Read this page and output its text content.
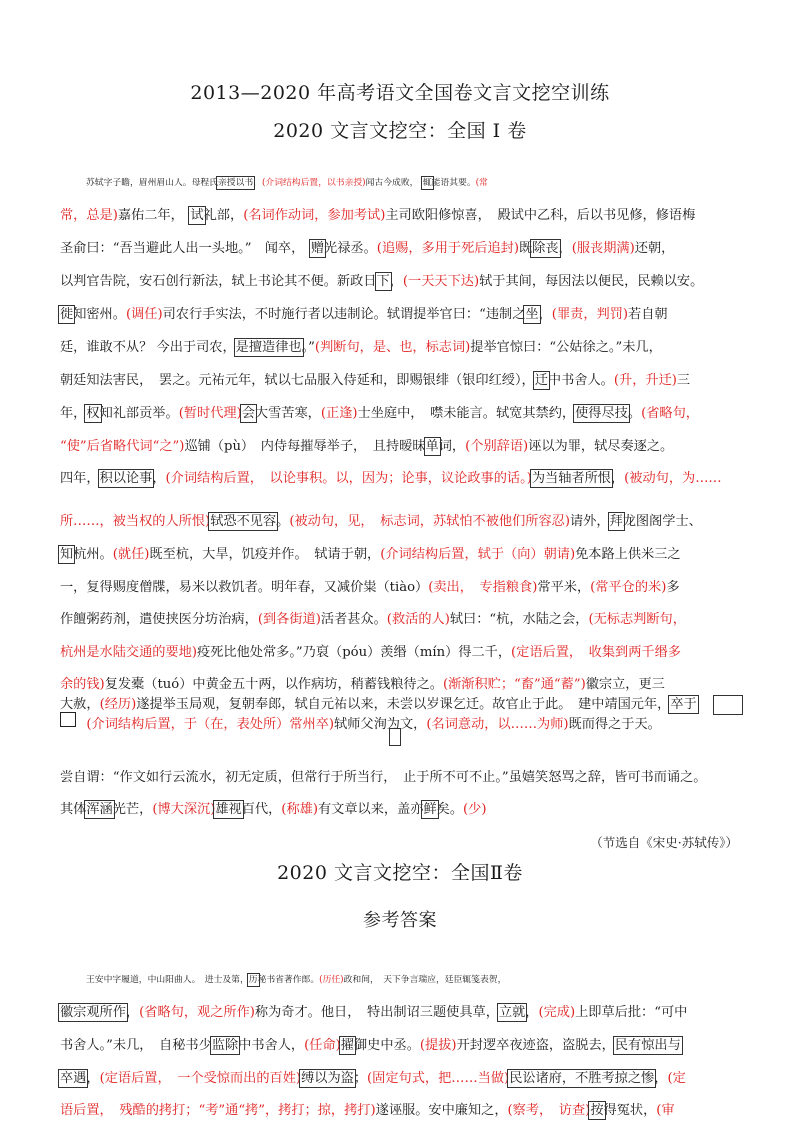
2013—2020 年高考语文全国卷文言文挖空训练
2020 文言文挖空：全国 I 卷
苏轼字子瞻，眉州眉山人。母程氏亲授以书，(介词结构后置，以书亲授)闻古今成败，　辄能语其要。(常
常，总是)嘉佑二年，　试礼部，(名词作动词，参加考试)主司欧阳修惊喜，　殿试中乙科，后以书见修，修语梅
圣俞曰：“吾当避此人出一头地。”　闻卒，　赠光禄丞。(追赐，多用于死后追封)既除丧，(服丧期满)还朝，
以判官告院，安石创行新法，轼上书论其不便。新政日下，(一天天下达)轼于其间，每因法以便民，民赖以安。
徙知密州。(调任)司农行手实法，不时施行者以违制论。轼谓提举官曰：“违制之坐，(罪责，判罚)若自朝
廷，谁敢不从？ 今出于司农，是擅造律也。”(判断句，是、也，标志词)提举官惊曰：“公姑徐之。”未几，
朝廷知法害民，　罢之。元祐元年，轼以七品服入侍延和，即赐银绯（银印红绶），迁中书舍人。(升，升迁)三
年，权知礼部贡举。(暂时代理)会大雪苦寒，(正逢)士坐庭中，　噤未能言。轼宽其禁约，使得尽技。(省略句，
“使”后省略代词“之”)巡铺（pù）　内侍每摧辱举子，　且持暧昧单词，(个别辞语)诬以为罪，轼尽奏逐之。
四年，积以论事，(介词结构后置，　以论事积。以，因为；论事，议论政事的话。)为当轴者所恨，(被动句，为……
所……，被当权的人所恨)轼恐不见容。(被动句，见，　标志词，苏轼怕不被他们所容忍)请外，拜龙图阁学士、
知杭州。(就任)既至杭，大旱，饥疫并作。　轼请于朝，(介词结构后置，轼于（向）朝请)免本路上供米三之
一，复得赐度僧牒，易米以救饥者。明年春，又减价粜（tiào）(卖出，　专指粮食)常平米，(常平仓的米)多
作饘粥药剂，遣使挟医分坊治病，(到各街道)活者甚众。(救活的人)轼曰：“杭，水陆之会，(无标志判断句，
杭州是水陆交通的要地)疫死比他处常多。”乃裒（póu）羡缗（mín）得二千，(定语后置，　收集到两千缗多
余的钱)复发橐（tuó）中黄金五十两，以作病坊，稍蓄钱粮待之。(渐渐积贮；“畜”通“蓄”)徽宗立，更三
大赦，(经历)遂提举玉局观，复朝奉郎，轼自元祐以来，未尝以岁课乞迁。故官止于此。　建中靖国元年，卒于
　　(介词结构后置，于（在，表处所）常州卒)轼师父洵为文，(名词意动，以……为师)既而得之于天。
尝自谓：“作文如行云流水，初无定质，但常行于所当行，　止于所不可不止。”虽嬉笑怒骂之辞，皆可书而诵之。
其体浑涵光芒，(博大深沉)雄视百代，(称雄)有文章以来，盖亦鲜矣。(少)
（节选自《宋史·苏轼传》）
2020 文言文挖空：全国Ⅱ卷
参考答案
王安中字履道，中山阳曲人。　进士及第，历秘书省著作郎。(历任)政和间，　天下争言瑞应，廷臣辄笺表贺，
徽宗观所作，(省略句，观之所作)称为奇才。他日，　特出制诏三题使具草，立就，(完成)上即草后批：“可中
书舍人。”未几，　自秘书少监除中书舍人，(任命)擢御史中丞。(提拔)开封逻卒夜迹盗，盗脱去，民有惊出与
卒遇，(定语后置，　一个受惊而出的百姓)缚以为盗；(固定句式，把……当做)民讼诸府，不胜考掠之惨，(定
语后置，　残酷的拷打；“考”通“拷”，拷打；掠，拷打)遂诬服。安中廉知之，(察考，　访查)按得冤状，(审
